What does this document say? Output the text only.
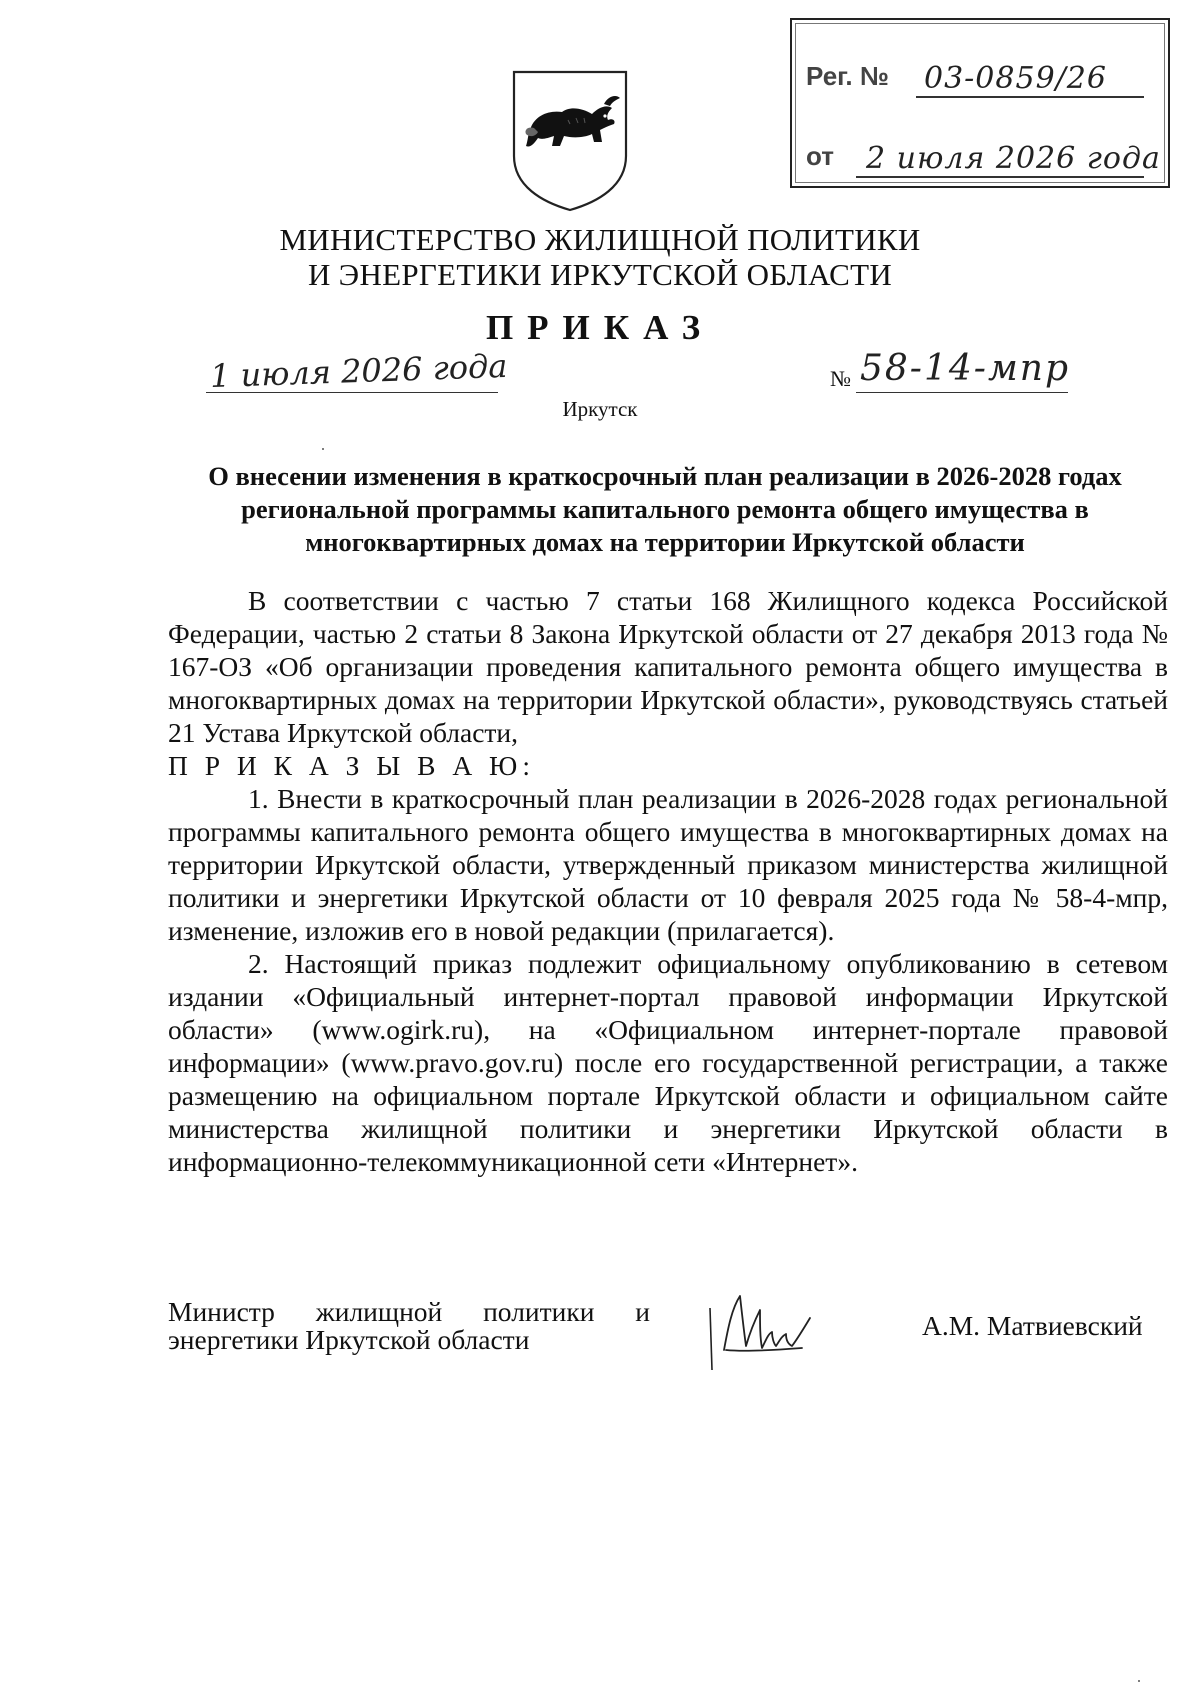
Рег. № 03-0859/26
от 2 июля 2026 года
МИНИСТЕРСТВО ЖИЛИЩНОЙ ПОЛИТИКИ
И ЭНЕРГЕТИКИ ИРКУТСКОЙ ОБЛАСТИ
ПРИКАЗ
1 июля 2026 года	№ 58-14-мпр
Иркутск
О внесении изменения в краткосрочный план реализации в 2026-2028 годах
региональной программы капитального ремонта общего имущества в
многоквартирных домах на территории Иркутской области

В соответствии с частью 7 статьи 168 Жилищного кодекса Российской Федерации, частью 2 статьи 8 Закона Иркутской области от 27 декабря 2013 года № 167-ОЗ «Об организации проведения капитального ремонта общего имущества в многоквартирных домах на территории Иркутской области», руководствуясь статьей 21 Устава Иркутской области,

П Р И К А З Ы В А Ю:

1. Внести в краткосрочный план реализации в 2026-2028 годах региональной программы капитального ремонта общего имущества в многоквартирных домах на территории Иркутской области, утвержденный приказом министерства жилищной политики и энергетики Иркутской области от 10 февраля 2025 года № 58-4-мпр, изменение, изложив его в новой редакции (прилагается).

2. Настоящий приказ подлежит официальному опубликованию в сетевом издании «Официальный интернет-портал правовой информации Иркутской области» (www.ogirk.ru), на «Официальном интернет-портале правовой информации» (www.pravo.gov.ru) после его государственной регистрации, а также размещению на официальном портале Иркутской области и официальном сайте министерства жилищной политики и энергетики Иркутской области в информационно-телекоммуникационной сети «Интернет».

Министр жилищной политики и
энергетики Иркутской области	А.М. Матвиевский
